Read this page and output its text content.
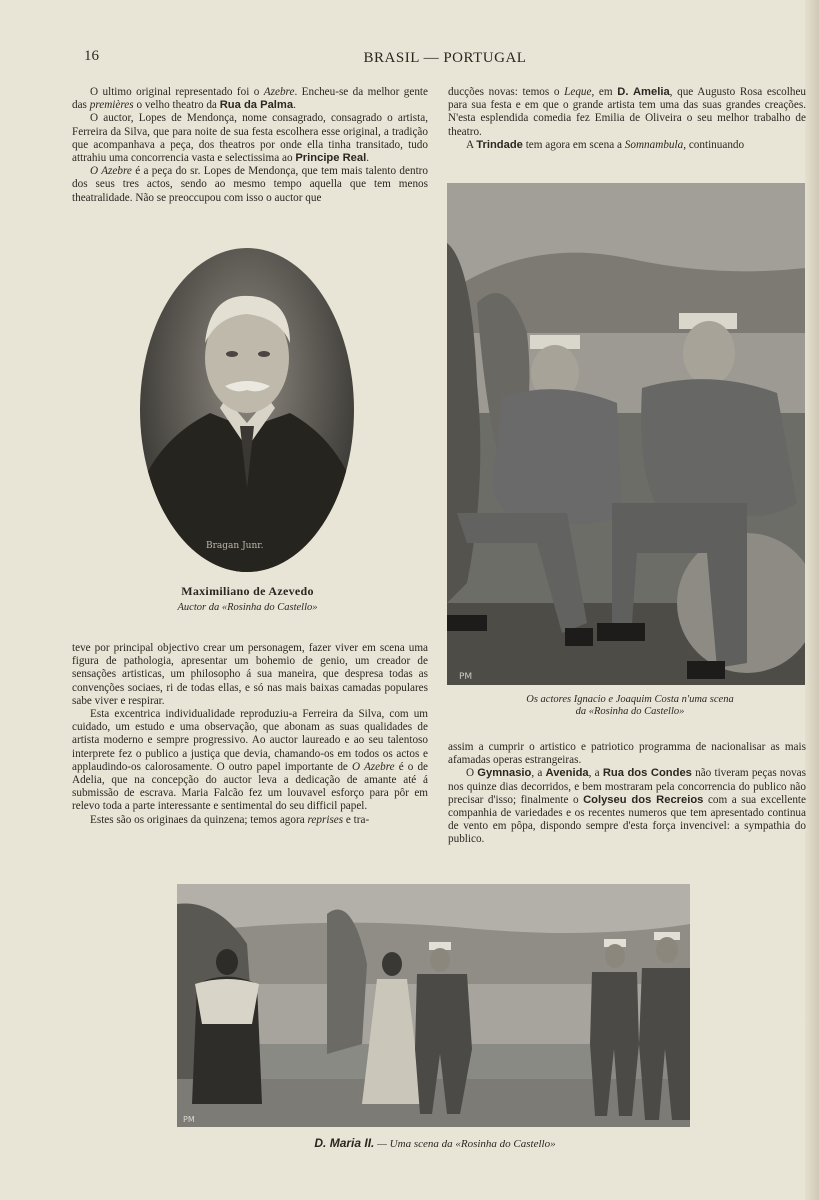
16	BRASIL — PORTUGAL

O ultimo original representado foi o Azebre. Encheu-se da melhor gente das premières o velho theatro da Rua da Palma.

O auctor, Lopes de Mendonça, nome consagrado, consagrado o artista, Ferreira da Silva, que para noite de sua festa escolhera esse original, a tradição que acompanhava a peça, dos theatros por onde ella tinha transitado, tudo attrahiu uma concorrencia vasta e selectissima ao Principe Real.

O Azebre é a peça do sr. Lopes de Mendonça, que tem mais talento dentro dos seus tres actos, sendo ao mesmo tempo aquella que tem menos theatralidade. Não se preoccupou com isso o auctor que

Bragan Junr.
Maximiliano de Azevedo
Auctor da «Rosinha do Castello»

teve por principal objectivo crear um personagem, fazer viver em scena uma figura de pathologia, apresentar um bohemio de genio, um creador de sensações artisticas, um philosopho á sua maneira, que despresa todas as convenções sociaes, ri de todas ellas, e só nas mais baixas camadas populares sabe viver e respirar.

Esta excentrica individualidade reproduziu-a Ferreira da Silva, com um cuidado, um estudo e uma observação, que abonam as suas qualidades de artista moderno e sempre progressivo. Ao auctor laureado e ao seu talentoso interprete fez o publico a justiça que devia, chamando-os em todos os actos e applaudindo-os calorosamente. O outro papel importante de O Azebre é o de Adelia, que na concepção do auctor leva a dedicação de amante até á submissão de escrava. Maria Falcão fez um louvavel esforço para pôr em relevo toda a parte interessante e sentimental do seu difficil papel.

Estes são os originaes da quinzena; temos agora reprises e tra-

ducções novas: temos o Leque, em D. Amelia, que Augusto Rosa escolheu para sua festa e em que o grande artista tem uma das suas grandes creações. N'esta esplendida comedia fez Emilia de Oliveira o seu melhor trabalho de theatro.

A Trindade tem agora em scena a Somnambula, continuando

PM
Os actores Ignacio e Joaquim Costa n'uma scena
da «Rosinha do Castello»

assim a cumprir o artistico e patriotico programma de nacionalisar as mais afamadas operas estrangeiras.

O Gymnasio, a Avenida, a Rua dos Condes não tiveram peças novas nos quinze dias decorridos, e bem mostraram pela concorrencia do publico não precisar d'isso; finalmente o Colyseu dos Recreios com a sua excellente companhia de variedades e os recentes numeros que tem apresentado continua de vento em pôpa, dispondo sempre d'esta força invencivel: a sympathia do publico.

PM
D. Maria II. — Uma scena da «Rosinha do Castello»
